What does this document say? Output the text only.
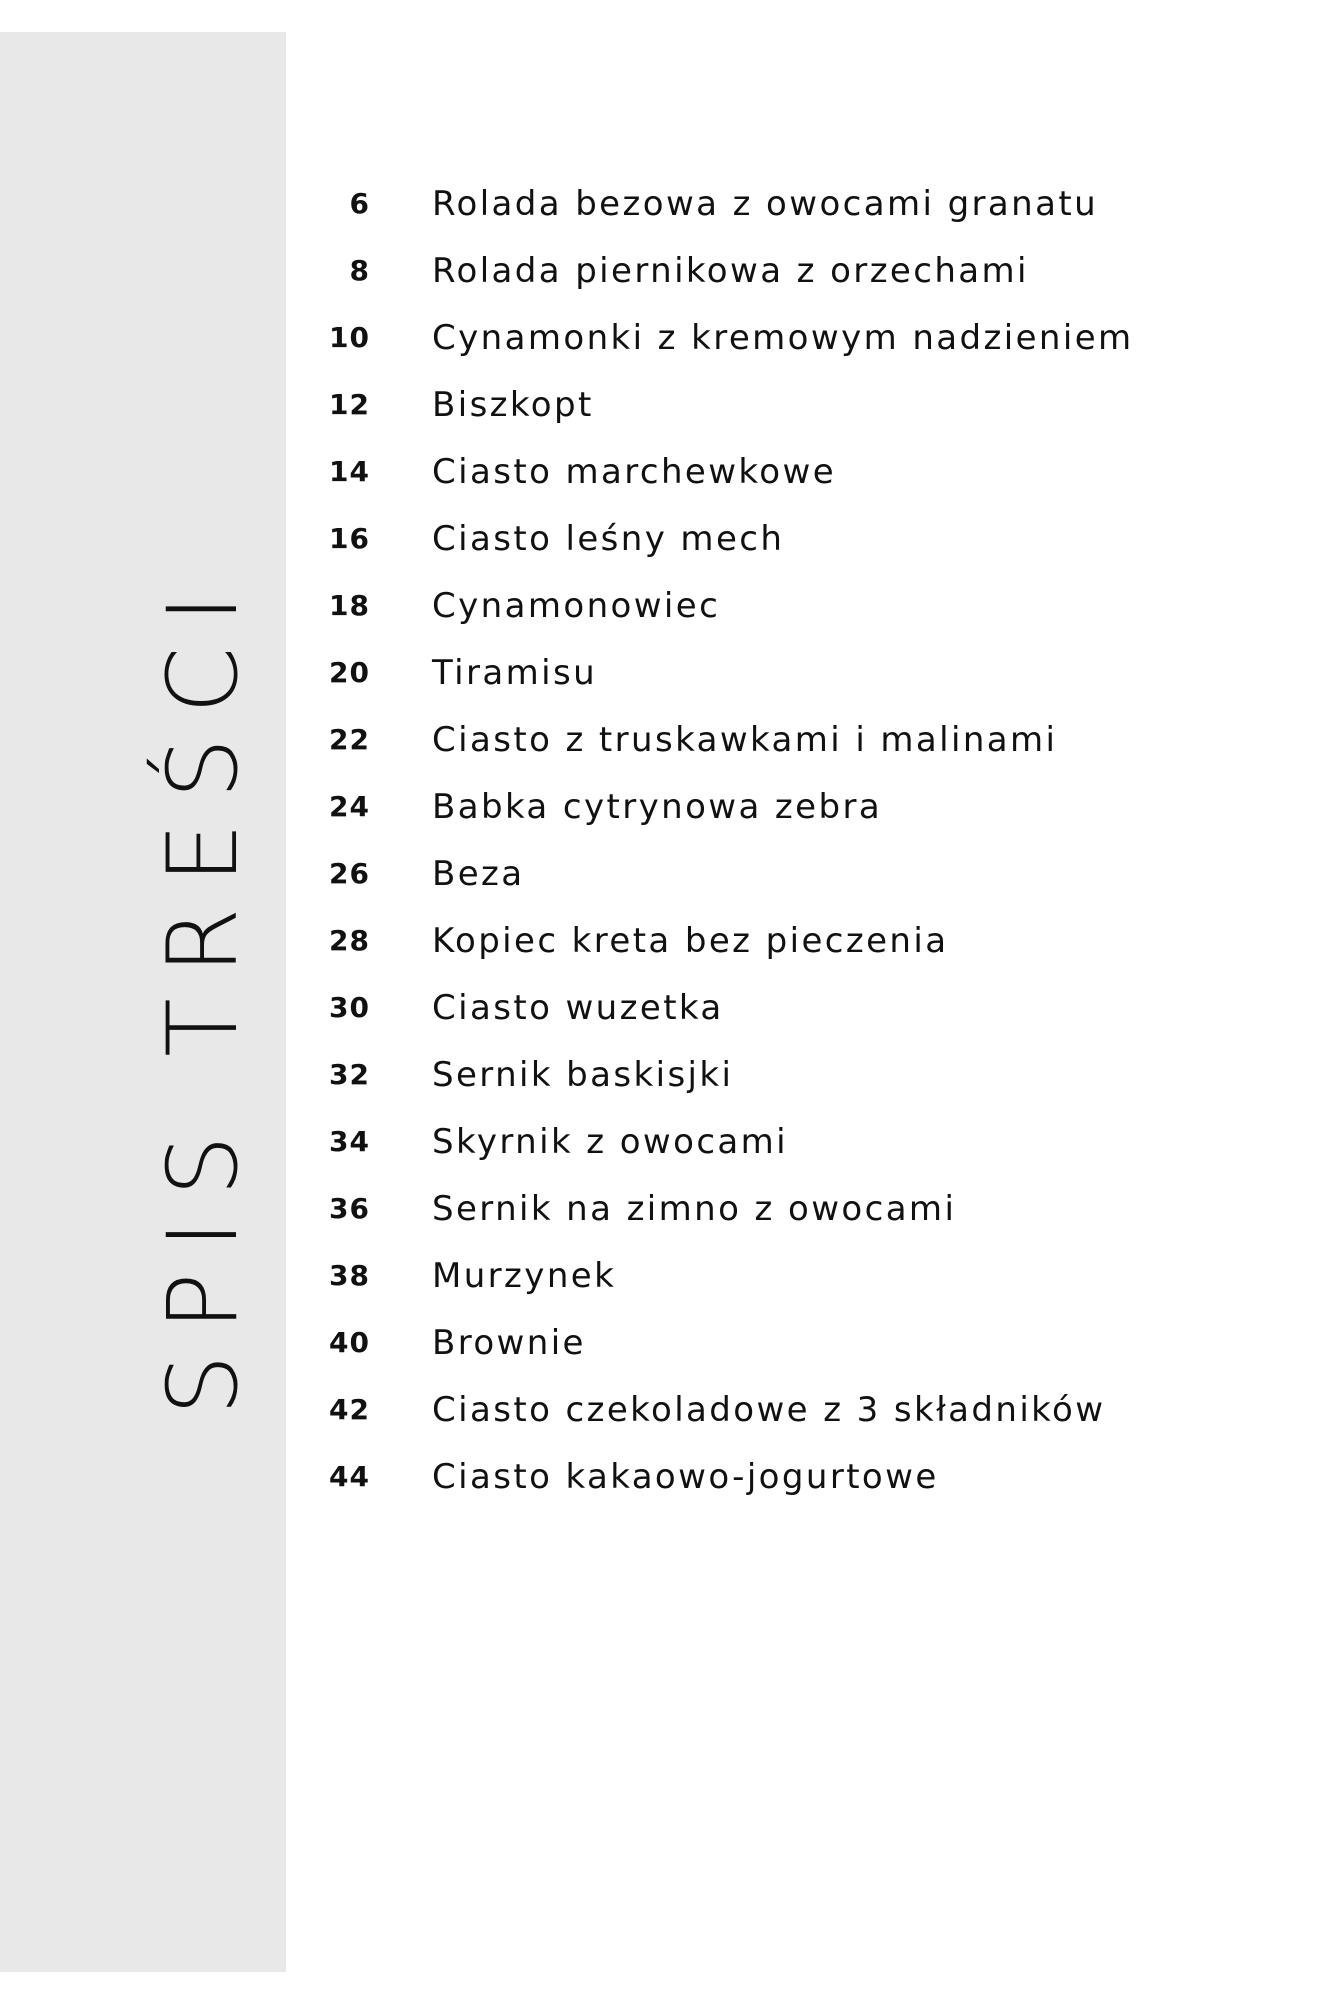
SPIS TREŚCI
6 Rolada bezowa z owocami granatu
8 Rolada piernikowa z orzechami
10 Cynamonki z kremowym nadzieniem
12 Biszkopt
14 Ciasto marchewkowe
16 Ciasto leśny mech
18 Cynamonowiec
20 Tiramisu
22 Ciasto z truskawkami i malinami
24 Babka cytrynowa zebra
26 Beza
28 Kopiec kreta bez pieczenia
30 Ciasto wuzetka
32 Sernik baskisjki
34 Skyrnik z owocami
36 Sernik na zimno z owocami
38 Murzynek
40 Brownie
42 Ciasto czekoladowe z 3 składników
44 Ciasto kakaowo-jogurtowe
